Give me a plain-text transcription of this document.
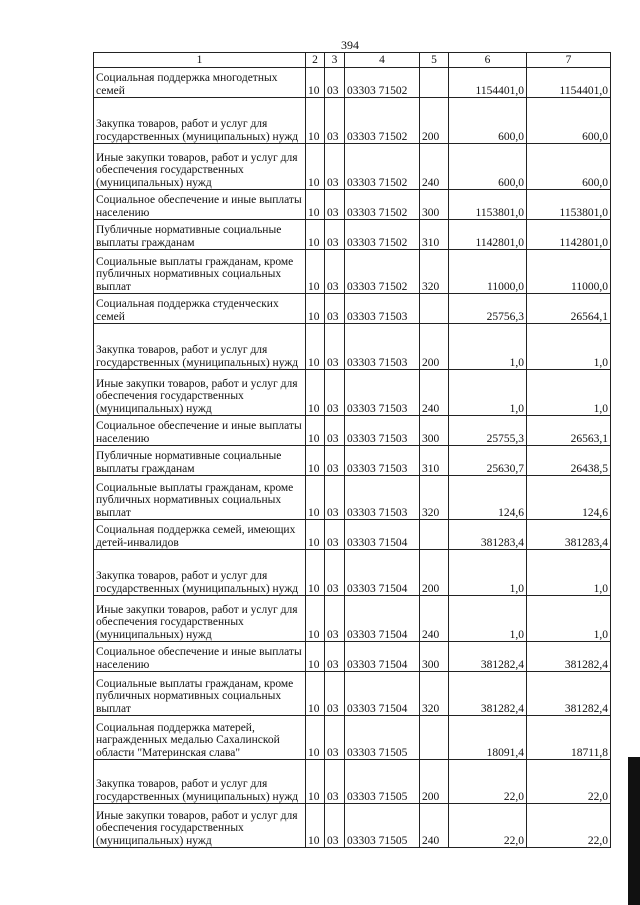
394
1	2	3	4	5	6	7
Социальная поддержка многодетных семей	10	03	03303 71502		1154401,0	1154401,0
Закупка товаров, работ и услуг для государственных (муниципальных) нужд	10	03	03303 71502	200	600,0	600,0
Иные закупки товаров, работ и услуг для обеспечения государственных (муниципальных) нужд	10	03	03303 71502	240	600,0	600,0
Социальное обеспечение и иные выплаты населению	10	03	03303 71502	300	1153801,0	1153801,0
Публичные нормативные социальные выплаты гражданам	10	03	03303 71502	310	1142801,0	1142801,0
Социальные выплаты гражданам, кроме публичных нормативных социальных выплат	10	03	03303 71502	320	11000,0	11000,0
Социальная поддержка студенческих семей	10	03	03303 71503		25756,3	26564,1
Закупка товаров, работ и услуг для государственных (муниципальных) нужд	10	03	03303 71503	200	1,0	1,0
Иные закупки товаров, работ и услуг для обеспечения государственных (муниципальных) нужд	10	03	03303 71503	240	1,0	1,0
Социальное обеспечение и иные выплаты населению	10	03	03303 71503	300	25755,3	26563,1
Публичные нормативные социальные выплаты гражданам	10	03	03303 71503	310	25630,7	26438,5
Социальные выплаты гражданам, кроме публичных нормативных социальных выплат	10	03	03303 71503	320	124,6	124,6
Социальная поддержка семей, имеющих детей-инвалидов	10	03	03303 71504		381283,4	381283,4
Закупка товаров, работ и услуг для государственных (муниципальных) нужд	10	03	03303 71504	200	1,0	1,0
Иные закупки товаров, работ и услуг для обеспечения государственных (муниципальных) нужд	10	03	03303 71504	240	1,0	1,0
Социальное обеспечение и иные выплаты населению	10	03	03303 71504	300	381282,4	381282,4
Социальные выплаты гражданам, кроме публичных нормативных социальных выплат	10	03	03303 71504	320	381282,4	381282,4
Социальная поддержка матерей, награжденных медалью Сахалинской области "Материнская слава"	10	03	03303 71505		18091,4	18711,8
Закупка товаров, работ и услуг для государственных (муниципальных) нужд	10	03	03303 71505	200	22,0	22,0
Иные закупки товаров, работ и услуг для обеспечения государственных (муниципальных) нужд	10	03	03303 71505	240	22,0	22,0
